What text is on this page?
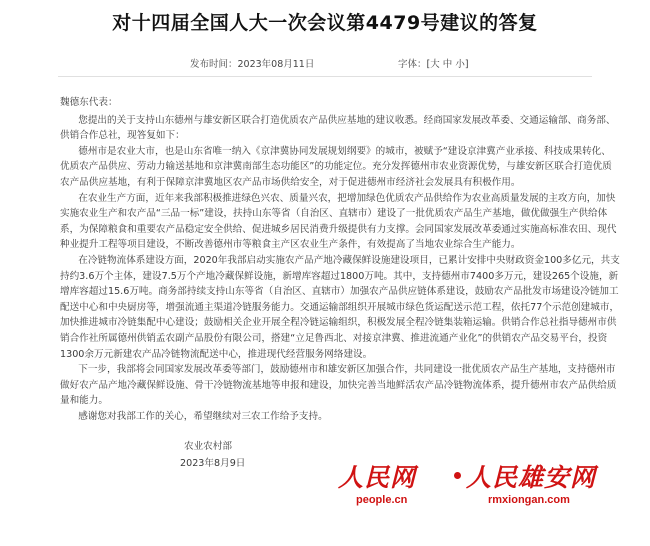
对十四届全国人大一次会议第4479号建议的答复
发布时间：2023年08月11日	字体：[大 中 小]

魏德东代表：

您提出的关于支持山东德州与雄安新区联合打造优质农产品供应基地的建议收悉。经商国家发展改革委、交通运输部、商务部、供销合作总社，现答复如下：

德州市是农业大市，也是山东省唯一纳入《京津冀协同发展规划纲要》的城市，被赋予“建设京津冀产业承接、科技成果转化、优质农产品供应、劳动力输送基地和京津冀南部生态功能区”的功能定位。充分发挥德州市农业资源优势，与雄安新区联合打造优质农产品供应基地，有利于保障京津冀地区农产品市场供给安全，对于促进德州市经济社会发展具有积极作用。

在农业生产方面，近年来我部积极推进绿色兴农、质量兴农，把增加绿色优质农产品供给作为农业高质量发展的主攻方向，加快实施农业生产和农产品“三品一标”建设，扶持山东等省（自治区、直辖市）建设了一批优质农产品生产基地，做优做强生产供给体系，为保障粮食和重要农产品稳定安全供给、促进城乡居民消费升级提供有力支撑。会同国家发展改革委通过实施高标准农田、现代种业提升工程等项目建设，不断改善德州市等粮食主产区农业生产条件，有效提高了当地农业综合生产能力。

在冷链物流体系建设方面，2020年我部启动实施农产品产地冷藏保鲜设施建设项目，已累计安排中央财政资金100多亿元，共支持约3.6万个主体，建设7.5万个产地冷藏保鲜设施，新增库容超过1800万吨。其中，支持德州市7400多万元，建设265个设施，新增库容超过15.6万吨。商务部持续支持山东等省（自治区、直辖市）加强农产品供应链体系建设，鼓励农产品批发市场建设冷链加工配送中心和中央厨房等，增强流通主渠道冷链服务能力。交通运输部组织开展城市绿色货运配送示范工程，依托77个示范创建城市，加快推进城市冷链集配中心建设；鼓励相关企业开展全程冷链运输组织，积极发展全程冷链集装箱运输。供销合作总社指导德州市供销合作社所属德州供销孟农副产品股份有限公司，搭建“立足鲁西北、对接京津冀、推进流通产业化”的供销农产品交易平台，投资1300余万元新建农产品冷链物流配送中心，推进现代经营服务网络建设。

下一步，我部将会同国家发展改革委等部门，鼓励德州市和雄安新区加强合作，共同建设一批优质农产品生产基地，支持德州市做好农产品产地冷藏保鲜设施、骨干冷链物流基地等申报和建设，加快完善当地鲜活农产品冷链物流体系，提升德州市农产品供给质量和能力。

感谢您对我部工作的关心，希望继续对三农工作给予支持。

农业农村部

2023年8月9日	人民网 人民雄安网
people.cn	rmxiongan.com
